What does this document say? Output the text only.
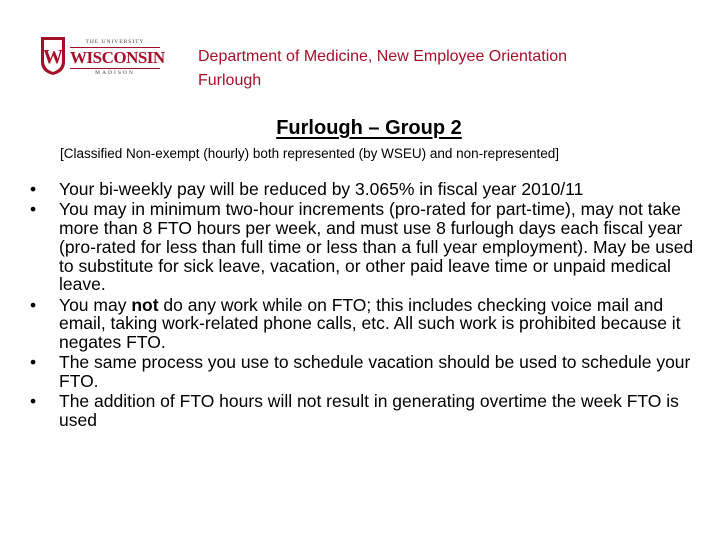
W
THE UNIVERSITY
WISCONSIN
MADISON
Department of Medicine, New Employee Orientation
Furlough
Furlough – Group 2
[Classified Non-exempt (hourly) both represented (by WSEU) and non-represented]
• Your bi-weekly pay will be reduced by 3.065% in fiscal year 2010/11
• You may in minimum two-hour increments (pro-rated for part-time), may not take more than 8 FTO hours per week, and must use 8 furlough days each fiscal year (pro-rated for less than full time or less than a full year employment). May be used to substitute for sick leave, vacation, or other paid leave time or unpaid medical leave.
• You may not do any work while on FTO; this includes checking voice mail and email, taking work-related phone calls, etc. All such work is prohibited because it negates FTO.
• The same process you use to schedule vacation should be used to schedule your FTO.
• The addition of FTO hours will not result in generating overtime the week FTO is used
